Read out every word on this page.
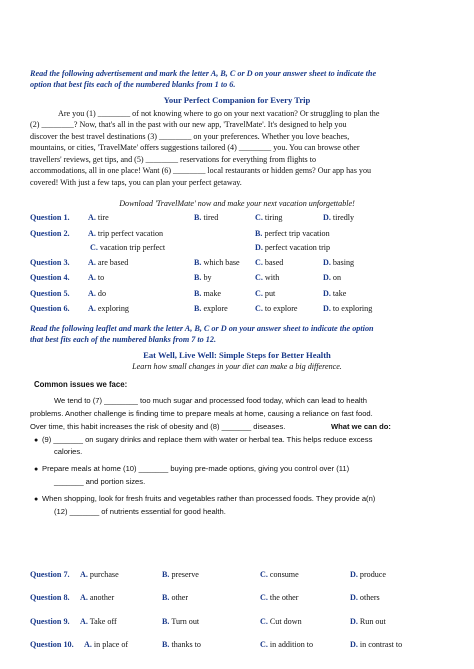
Read the following advertisement and mark the letter A, B, C or D on your answer sheet to indicate the
option that best fits each of the numbered blanks from 1 to 6.
Your Perfect Companion for Every Trip
Are you (1) ________ of not knowing where to go on your next vacation? Or struggling to plan the
(2) ________? Now, that's all in the past with our new app, 'TravelMate'. It's designed to help you
discover the best travel destinations (3) ________ on your preferences. Whether you love beaches,
mountains, or cities, 'TravelMate' offers suggestions tailored (4) ________ you. You can browse other
travellers' reviews, get tips, and (5) ________ reservations for everything from flights to
accommodations, all in one place! Want (6) ________ local restaurants or hidden gems? Our app has you
covered! With just a few taps, you can plan your perfect getaway.
Download 'TravelMate' now and make your next vacation unforgettable!
Question 1. A. tire	B. tired	C. tiring	D. tiredly
Question 2. A. trip perfect vacation	B. perfect trip vacation
C. vacation trip perfect	D. perfect vacation trip
Question 3. A. are based	B. which base C. based	D. basing
Question 4. A. to	B. by	C. with	D. on
Question 5. A. do	B. make	C. put	D. take
Question 6. A. exploring	B. explore	C. to explore	D. to exploring
Read the following leaflet and mark the letter A, B, C or D on your answer sheet to indicate the option
that best fits each of the numbered blanks from 7 to 12.
Eat Well, Live Well: Simple Steps for Better Health
Learn how small changes in your diet can make a big difference.
Common issues we face:
We tend to (7) ________ too much sugar and processed food today, which can lead to health
problems. Another challenge is finding time to prepare meals at home, causing a reliance on fast food.
Over time, this habit increases the risk of obesity and (8) _______ diseases.	What we can do:
● (9) _______ on sugary drinks and replace them with water or herbal tea. This helps reduce excess
calories.
● Prepare meals at home (10) _______ buying pre-made options, giving you control over (11)
_______ and portion sizes.
● When shopping, look for fresh fruits and vegetables rather than processed foods. They provide a(n)
(12) _______ of nutrients essential for good health.
Question 7. A. purchase	B. preserve	C. consume	D. produce
Question 8. A. another	B. other	C. the other	D. others
Question 9. A. Take off	B. Turn out	C. Cut down	D. Run out
Question 10. A. in place of	B. thanks to	C. in addition to	D. in contrast to
